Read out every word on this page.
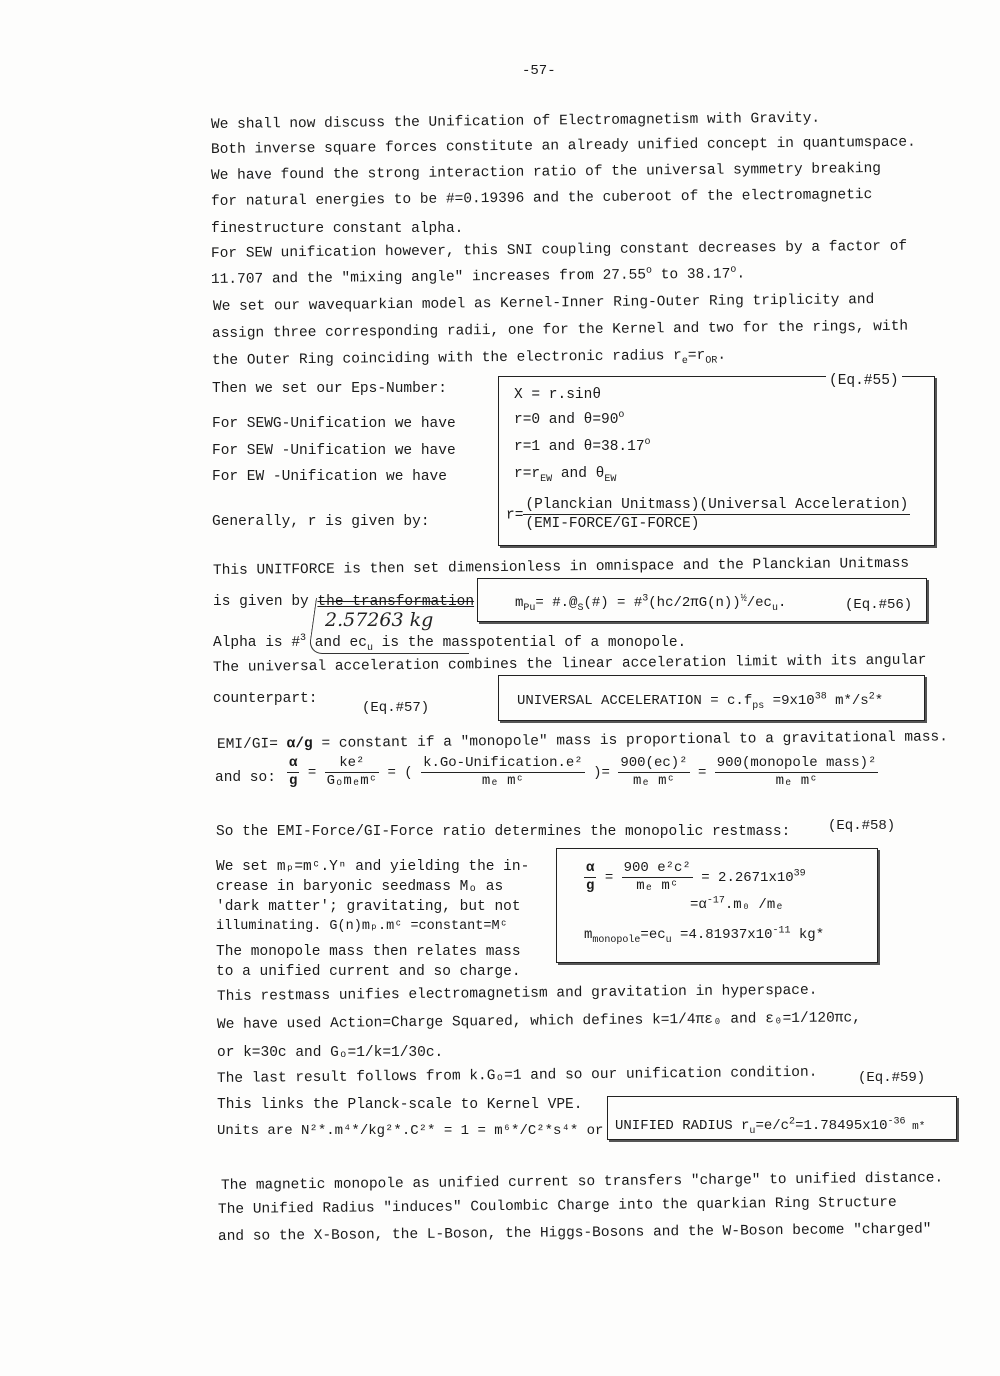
-57-
We shall now discuss the Unification of Electromagnetism with Gravity.
Both inverse square forces constitute an already unified concept in quantumspace.
We have found the strong interaction ratio of the universal symmetry breaking
for natural energies to be #=0.19396 and the cuberoot of the electromagnetic
finestructure constant alpha.
For SEW unification however, this SNI coupling constant decreases by a factor of
11.707 and the "mixing angle" increases from 27.55$^o$ to 38.17$^o$.
We set our wavequarkian model as Kernel-Inner Ring-Outer Ring triplicity and
assign three corresponding radii, one for the Kernel and two for the rings, with
the Outer Ring coinciding with the electronic radius $r_e=r_{OR}$.
Then we set our Eps-Number:
For SEWG-Unification we have
For SEW -Unification we have
For EW -Unification we have
Generally, r is given by:
(Eq.#55)
X = r.sinθ
r=0 and $\theta=90^o$
r=1 and $\theta=38.17^o$
$r=r_{EW}$ and $\theta_{EW}$
$r= \frac{\text{(Planckian Unitmass)(Universal Acceleration)}}{\text{(EMI-FORCE/GI-FORCE)}}$
This UNITFORCE is then set dimensionless in omnispace and the Planckian Unitmass
is given by the transformation
2.57263 kg
$m_{Pu}=$ $\#.@_S(\#)$ = $\#^3(hc/2\pi G(n))^{\frac{1}{2}}/ec_u$.	(Eq.#56)
Alpha is #$^3$ and $ec_u$ is the masspotential of a monopole.
The universal acceleration combines the linear acceleration limit with its angular
counterpart:
(Eq.#57)	UNIVERSAL ACCELERATION = $c.f_{ps} =9x10^{38}$ $m*/s^2*$
EMI/GI= α/ɡ = constant if a "monopole" mass is proportional to a gravitational mass.
and so: $\frac{\alpha}{\text{ɡ}} = \frac{\text{ke²}}{\text{Gₒmₑmᶜ}}$ = ( $\frac{\text{k.Go-Unification.e²}}{\text{mₑ mᶜ}}$ )= $\frac{\text{900(ec)²}}{\text{mₑ mᶜ}} = \frac{\text{900(monopole mass)²}}{\text{mₑ mᶜ}}$
So the EMI-Force/GI-Force ratio determines the monopolic restmass:	(Eq.#58)
We set mₚ=mᶜ.Yⁿ and yielding the in-
crease in baryonic seedmass Mₒ as
'dark matter'; gravitating, but not
illuminating. G(n)mₚ.mᶜ =constant=Mᶜ
The monopole mass then relates mass
to a unified current and so charge.
$\frac{\alpha}{\text{ɡ}} = \frac{\text{900 e²c²}}{\text{mₑ mᶜ}} = 2.2671x10^{39}$
$=\alpha^{-17}.m_0$ /mₑ
$m_{monopole}=ec_u =4.81937x10^{-11}$ kg*
This restmass unifies electromagnetism and gravitation in hyperspace.
We have used Action=Charge Squared, which defines k=1/4πε₀ and ε₀=1/120πc,
or k=30c and Gₒ=1/k=1/30c.
The last result follows from k.Gₒ=1 and so our unification condition.	(Eq.#59)
This links the Planck-scale to Kernel VPE.
Units are N²*.m⁴*/kg²*.C²* = 1 = m⁶*/C²*s⁴* or UNIFIED RADIUS $r_u=e/c^2=1.78495x10^{-36}$ m*
The magnetic monopole as unified current so transfers "charge" to unified distance.
The Unified Radius "induces" Coulombic Charge into the quarkian Ring Structure
and so the X-Boson, the L-Boson, the Higgs-Bosons and the W-Boson become "charged"
